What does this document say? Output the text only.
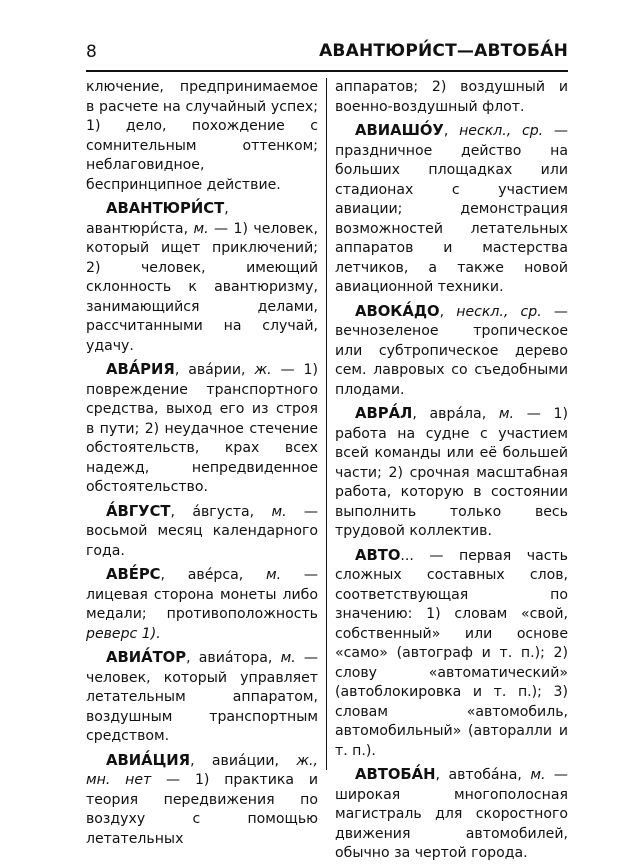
8	АВАНТЮРИ́СТ—АВТОБА́Н

ключение, предпринимаемое в расчете на случайный успех; 1) дело, похождение с сомнительным оттенком; неблаговидное, беспринципное действие.

АВАНТЮРИ́СТ, авантюри́ста, м. — 1) человек, который ищет приключений; 2) человек, имеющий склонность к авантюризму, занимающийся делами, рассчитанными на случай, удачу.

АВА́РИЯ, ава́рии, ж. — 1) повреждение транспортного средства, выход его из строя в пути; 2) неудачное стечение обстоятельств, крах всех надежд, непредвиденное обстоятельство.

А́ВГУСТ, а́вгуста, м. — восьмой месяц календарного года.

АВЕ́РС, аве́рса, м. — лицевая сторона монеты либо медали; противоположность реверс 1).

АВИА́ТОР, авиа́тора, м. — человек, который управляет летательным аппаратом, воздушным транспортным средством.

АВИА́ЦИЯ, авиа́ции, ж., мн. нет — 1) практика и теория передвижения по воздуху с помощью летательных

аппаратов; 2) воздушный и военно-воздушный флот.

АВИАШО́У, нескл., ср. — праздничное действо на больших площадках или стадионах с участием авиации; демонстрация возможностей летательных аппаратов и мастерства летчиков, а также новой авиационной техники.

АВОКА́ДО, нескл., ср. — вечнозеленое тропическое или субтропическое дерево сем. лавровых со съедобными плодами.

АВРА́Л, авра́ла, м. — 1) работа на судне с участием всей команды или её большей части; 2) срочная масштабная работа, которую в состоянии выполнить только весь трудовой коллектив.

АВТО... — первая часть сложных составных слов, соответствующая по значению: 1) словам «свой, собственный» или основе «само» (автограф и т. п.); 2) слову «автоматический» (автоблокировка и т. п.); 3) словам «автомобиль, автомобильный» (авторалли и т. п.).

АВТОБА́Н, автоба́на, м. — широкая многополосная магистраль для скоростного движения автомобилей, обычно за чертой города.
